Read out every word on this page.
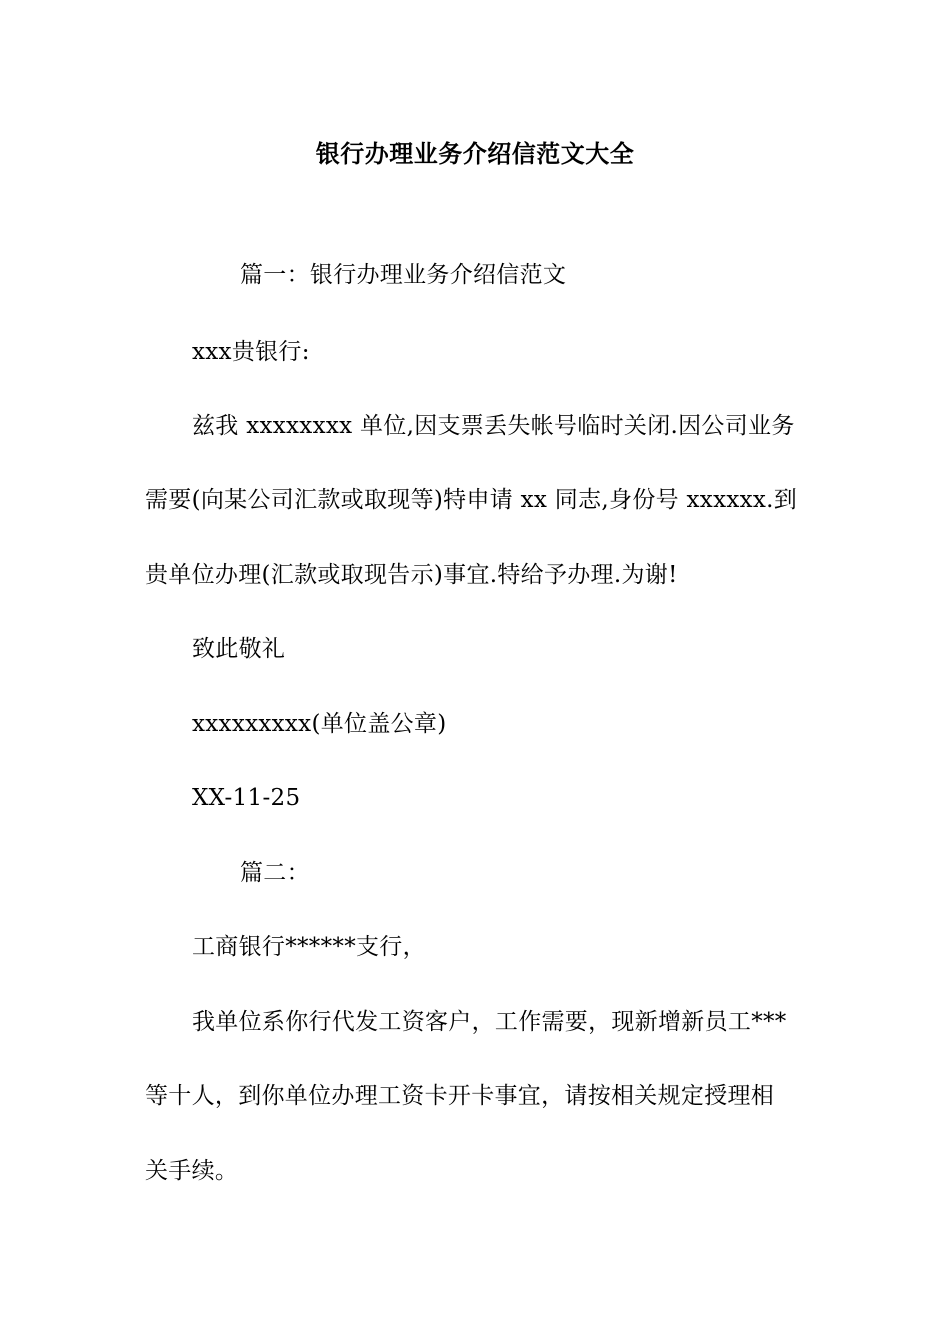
银行办理业务介绍信范文大全
篇一：银行办理业务介绍信范文
xxx贵银行:
兹我 xxxxxxxx 单位,因支票丢失帐号临时关闭.因公司业务
需要(向某公司汇款或取现等)特申请 xx 同志,身份号 xxxxxx.到
贵单位办理(汇款或取现告示)事宜.特给予办理.为谢!
致此敬礼
xxxxxxxxx(单位盖公章)
XX-11-25
篇二：
工商银行******支行，
我单位系你行代发工资客户，工作需要，现新增新员工***
等十人，到你单位办理工资卡开卡事宜，请按相关规定授理相
关手续。
